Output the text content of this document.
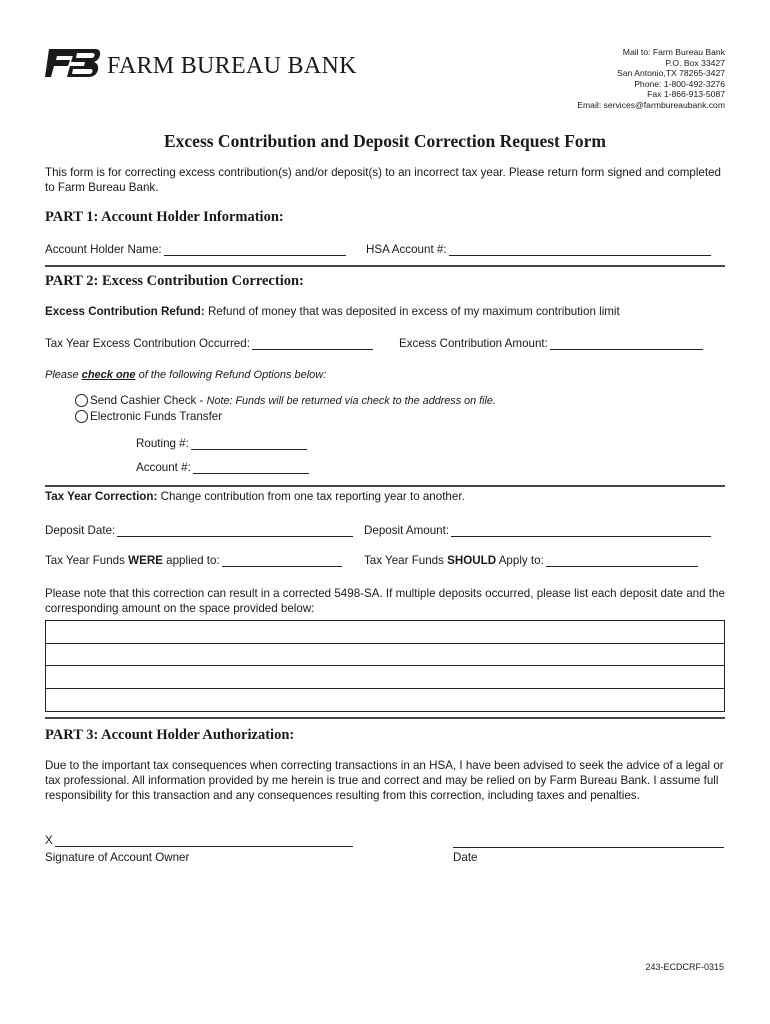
FARM BUREAU BANK
Mail to: Farm Bureau Bank
P.O. Box 33427
San Antonio,TX 78265-3427
Phone: 1-800-492-3276
Fax 1-866-913-5087
Email: services@farmbureaubank.com
Excess Contribution and Deposit Correction Request Form
This form is for correcting excess contribution(s) and/or deposit(s) to an incorrect tax year. Please return form signed and completed to Farm Bureau Bank.
PART 1: Account Holder Information:
Account Holder Name:	HSA Account #:
PART 2: Excess Contribution Correction:
Excess Contribution Refund: Refund of money that was deposited in excess of my maximum contribution limit
Tax Year Excess Contribution Occurred:	Excess Contribution Amount:
Please check one of the following Refund Options below:
Send Cashier Check - Note: Funds will be returned via check to the address on file.
Electronic Funds Transfer
Routing #:
Account #:
Tax Year Correction: Change contribution from one tax reporting year to another.
Deposit Date:	Deposit Amount:
Tax Year Funds WERE applied to:	Tax Year Funds SHOULD Apply to:
Please note that this correction can result in a corrected 5498-SA. If multiple deposits occurred, please list each deposit date and the corresponding amount on the space provided below:
PART 3: Account Holder Authorization:
Due to the important tax consequences when correcting transactions in an HSA, I have been advised to seek the advice of a legal or tax professional. All information provided by me herein is true and correct and may be relied on by Farm Bureau Bank. I assume full responsibility for this transaction and any consequences resulting from this correction, including taxes and penalties.
X
Signature of Account Owner	Date
243-ECDCRF-0315
